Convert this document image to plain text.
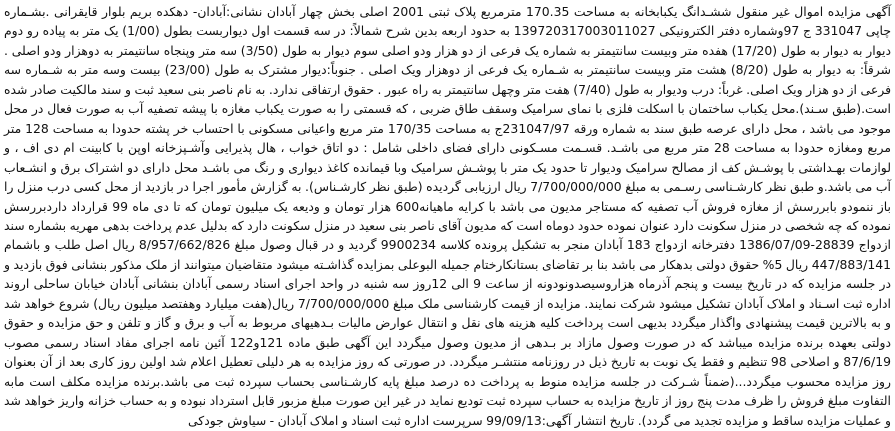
آگهی مزایده اموال غیر منقول ششـدانگ یکبابخانه به مساحت 170.35 مترمربع پلاک ثبتی 2001 اصلی بخش چهار آبادان نشانی:آبادان- دهکده بریم بلوار قایقرانی .بشـماره چاپی 331047 ج 97وشماره دفتر الکترونیکی 139720317003011027 به حدود اربعه بدین شرح شمالاً: در سه قسمت اول دیواربست بطول (1/00) یک متر به پیاده رو دوم دیوار به دیوار به طول (17/20) هفده متر وبیست سانتیمتر به شماره یک فرعی از دو هزار ودو اصلی سوم دیوار به طول (3/50) سه متر وپنجاه سانتیمتر به دوهزار ودو اصلی . شرقاً: به دیوار به طول (8/20) هشت متر وبیست سانتیمتر به شـماره یک فرعی از دوهزار ویک اصلی . جنوباً:دیوار مشترک به طول (23/00) بیست وسه متر به شـماره سه فرعی از دو هزار ویک اصلی. غرباً: درب ودیوار به طول (7/40) هفت متر وچهل سانتیمتر به راه عبور . حقوق ارتفاقی ندارد. به نام ناصر بنی سعید ثبت و سند مالکیت صادر شده است.(طبق سـند).محل یکباب ساختمان با اسکلت فلزی با نمای سرامیک وسقف طاق ضربی ، که قسمتی را به صورت یکباب مغازه با پیشه تصفیه آب به صورت فعال در محل موجود می باشد ، محل دارای عرصه طبق سند به شماره ورقه 231047/97ج به مساحت 170/35 متر مربع واعیانی مسکونی با احتساب خر پشته حدودا به مساحت 128 متر مربع ومغازه حدودا به مساحت 28 متر مربع می باشـد. قسـمت مسـکونی دارای فضای داخلی شامل : دو اتاق خواب ، هال پذیرایی وآشـپزخانه اوپن با کابینت ام دی اف ، و لوازمات بهـداشتی با پوشـش کف از مصالح سرامیک ودیوار تا حدود یک متر با پوشـش سرامیک وبا قیمانده کاغذ دیواری و رنگ می باشـد محل دارای دو اشتراک برق و انشـعاب آب می باشد.و طبق نظر کارشـناسی رسـمی به مبلغ 7/700/000/000 ریال ارزیابی گردیده (طبق نظر کارشـناس). به گزارش مأمور اجرا در بازدید از محل کسی درب منزل را باز ننمودو بابررسش از مغازه فروش آب تصفیه که مستاجر مدیون می باشد با کرایه ماهیانه600 هزار تومان و ودیعه یک میلیون تومان که تا دی ماه 99 قرارداد داردبررسش نموده که چه شخصی در منزل سکونت دارد عنوان نموده حدود دوماه است که مدیون آقای ناصر بنی سعید در منزل سکونت دارد که بدلیل عدم پرداخت بدهی مهریه بشماره سند ازدواج 28839-1386/07/09 دفترخانه ازدواج 183 آبادان منجر به تشکیل پرونده کلاسه 9900234 گردید و در قبال وصول مبلغ 8/957/662/826 ریال اصل طلب و باشمام 447/883/141 ریال 5% حقوق دولتی بدهکار می باشد بنا بر تقاضای بستانکارختام جمیله البوعلی بمزایده گذاشـته میشود متقاضیان میتوانند از ملک مذکور بنشانی فوق بازدید و در جلسه مزایده که در تاریخ بیست و پنجم آذرماه هزاروسیصدونودونه از ساعت 9 الی 12روز سه شنبه در واحد اجرای اسناد رسمی آبادان بنشانی آبادان خیابان ساحلی اروند اداره ثبت اسـناد و املاک آبادان تشکیل میشود شرکت نمایند. مزایده از قیمت کارشناسی ملک مبلغ 7/700/000/000 ریال(هفت میلیارد وهفتصد میلیون ریال) شروع خواهد شد و به بالاترین قیمت پیشنهادی واگذار میگردد بدیهی است پرداخت کلیه هزینه های نقل و انتقال عوارض مالیات بـدهیهای مربوط به آب و برق و گاز و تلفن و حق مزایده و حقوق دولتی بعهده برنده مزایده میباشد که در صورت وصول مازاد بر بـدهی از مدیون وصول میگردد این آگهی طبق ماده 121و122 آئین نامه اجرای مفاد اسناد رسمی مصوب 87/6/19 و اصلاحی 98 تنظیم و فقط یک نوبت به تاریخ ذیل در روزنامه منتشـر میگردد. در صورتی که روز مزایده به هر دلیلی تعطیل اعلام شد اولین روز کاری بعد از آن بعنوان روز مزایده محسوب میگردد...(ضمناً شـرکت در جلسه مزایده منوط به پرداخت ده درصد مبلغ پایه کارشـناسی بحساب سپرده ثبت می باشد.برنده مزایده مکلف است مابه التفاوت مبلغ فروش را ظرف مدت پنج روز از تاریخ مزایده به حساب سپرده ثبت توديع نمايد در غیر این صورت مبلغ مزبور قابل استرداد نبوده و به حساب خزانه واریز خواهد شد و عملیات مزایده ساقط و مزایده تجدید می گردد). تاریخ انتشار آگهی:99/09/13 سرپرست اداره ثبت اسناد و املاک آبادان - سیاوش جودکی
